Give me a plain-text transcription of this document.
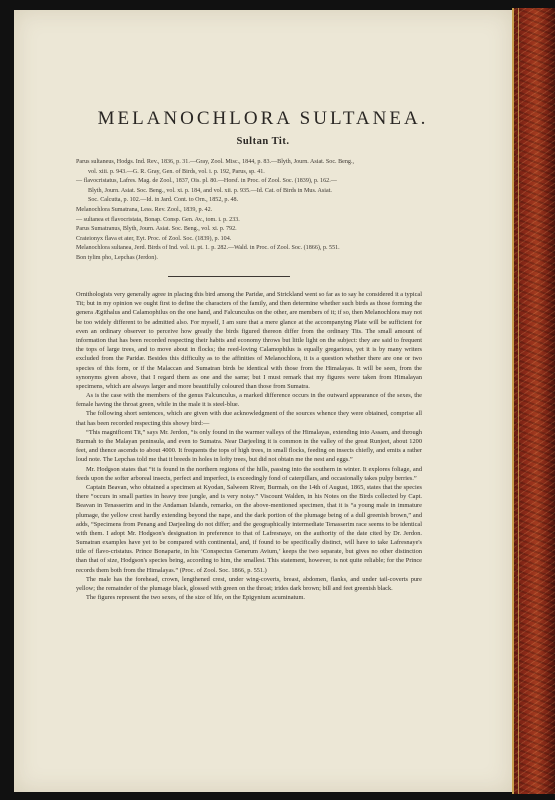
MELANOCHLORA SULTANEA.
Sultan Tit.
Parus sultaneus, Hodgs. Ind. Rev., 1836, p. 31.—Gray, Zool. Misc., 1844, p. 83.—Blyth, Journ. Asiat. Soc. Beng.,
vol. xiii. p. 943.—G. R. Gray, Gen. of Birds, vol. i. p. 192, Parus, sp. 41.
— flavocristatus, Lafres. Mag. de Zool., 1837, Ois. pl. 80.—Horsf. in Proc. of Zool. Soc. (1839), p. 162.—
Blyth, Journ. Asiat. Soc. Beng., vol. xi. p. 184, and vol. xii. p. 935.—Id. Cat. of Birds in Mus. Asiat.
Soc. Calcutta, p. 102.—Id. in Jard. Cont. to Orn., 1852, p. 48.
Melanochlora Sumatrana, Less. Rev. Zool., 1839, p. 42.
— sultanea et flavocristata, Bonap. Consp. Gen. Av., tom. i. p. 233.
Parus Sumatranus, Blyth, Journ. Asiat. Soc. Beng., vol. xi. p. 792.
Crateionyx flava et ater, Eyt. Proc. of Zool. Soc. (1839), p. 104.
Melanochlora sultanea, Jerd. Birds of Ind. vol. ii. pt. 1. p. 282.—Wald. in Proc. of Zool. Soc. (1866), p. 551.
Bon tylim pho, Lepchas (Jerdon).

Ornithologists very generally agree in placing this bird among the Paridæ, and Strickland went so far as to say he considered it a typical Tit; but in my opinion we ought first to define the characters of the family, and then determine whether such birds as those forming the genera Ægithalus and Calamophilus on the one hand, and Falcunculus on the other, are members of it; if so, then Melanochlora may not be too widely different to be admitted also. For myself, I am sure that a mere glance at the accompanying Plate will be sufficient for even an ordinary observer to perceive how greatly the birds figured thereon differ from the ordinary Tits. The small amount of information that has been recorded respecting their habits and economy throws but little light on the subject: they are said to frequent the tops of large trees, and to move about in flocks; the reed-loving Calamophilus is equally gregarious, yet it is by many writers excluded from the Paridæ. Besides this difficulty as to the affinities of Melanochlora, it is a question whether there are one or two species of this form, or if the Malaccan and Sumatran birds be identical with those from the Himalayas. It will be seen, from the synonyms given above, that I regard them as one and the same; but I must remark that my figures were taken from Himalayan specimens, which are always larger and more beautifully coloured than those from Sumatra.

As is the case with the members of the genus Falcunculus, a marked difference occurs in the outward appearance of the sexes, the female having the throat green, while in the male it is steel-blue.

The following short sentences, which are given with due acknowledgment of the sources whence they were obtained, comprise all that has been recorded respecting this showy bird:—

“This magnificent Tit,” says Mr. Jerdon, “is only found in the warmer valleys of the Himalayas, extending into Assam, and through Burmah to the Malayan peninsula, and even to Sumatra. Near Darjeeling it is common in the valley of the great Runjeet, about 1200 feet, and thence ascends to about 4000. It frequents the tops of high trees, in small flocks, feeding on insects chiefly, and emits a rather loud note. The Lepchas told me that it breeds in holes in lofty trees, but did not obtain me the nest and eggs.”

Mr. Hodgson states that “it is found in the northern regions of the hills, passing into the southern in winter. It explores foliage, and feeds upon the softer arboreal insects, perfect and imperfect, is exceedingly fond of caterpillars, and occasionally takes pulpy berries.”

Captain Beavan, who obtained a specimen at Kyodan, Salween River, Burmah, on the 14th of August, 1865, states that the species there “occurs in small parties in heavy tree jungle, and is very noisy.” Viscount Walden, in his Notes on the Birds collected by Capt. Beavan in Tenasserim and in the Andaman Islands, remarks, on the above-mentioned specimen, that it is “a young male in immature plumage, the yellow crest hardly extending beyond the nape, and the dark portion of the plumage being of a dull greenish brown,” and adds, “Specimens from Penang and Darjeeling do not differ; and the geographically intermediate Tenasserim race seems to be identical with them. I adopt Mr. Hodgson's designation in preference to that of Lafresnaye, on the authority of the date cited by Dr. Jerdon. Sumatran examples have yet to be compared with continental, and, if found to be specifically distinct, will have to take Lafresnaye's title of flavo-cristatus. Prince Bonaparte, in his ‘Conspectus Generum Avium,’ keeps the two separate, but gives no other distinction than that of size, Hodgson's species being, according to him, the smallest. This statement, however, is not quite reliable; for the Prince records them both from the Himalayas.” (Proc. of Zool. Soc. 1866, p. 551.)

The male has the forehead, crown, lengthened crest, under wing-coverts, breast, abdomen, flanks, and under tail-coverts pure yellow; the remainder of the plumage black, glossed with green on the throat; irides dark brown; bill and feet greenish black.

The figures represent the two sexes, of the size of life, on the Epigynium acuminatum.
